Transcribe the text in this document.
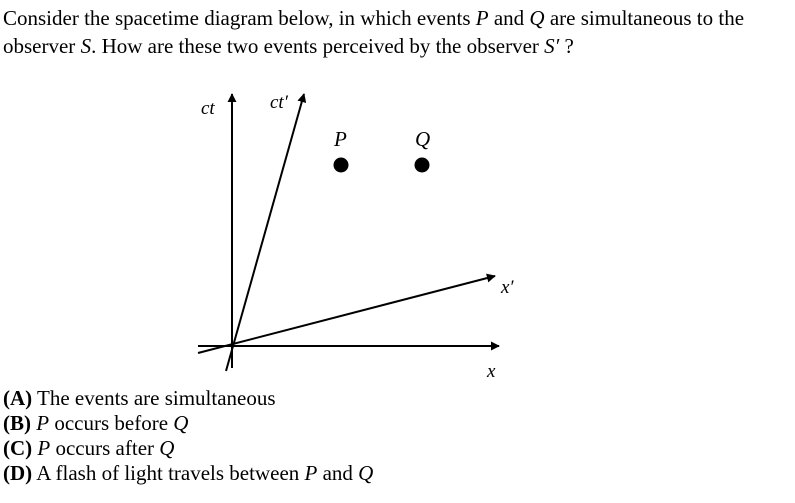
Consider the spacetime diagram below, in which events P and Q are simultaneous to the
observer S. How are these two events perceived by the observer S′ ?
ct	ct′
x′
x
P	Q
(A) The events are simultaneous
(B) P occurs before Q
(C) P occurs after Q
(D) A flash of light travels between P and Q
